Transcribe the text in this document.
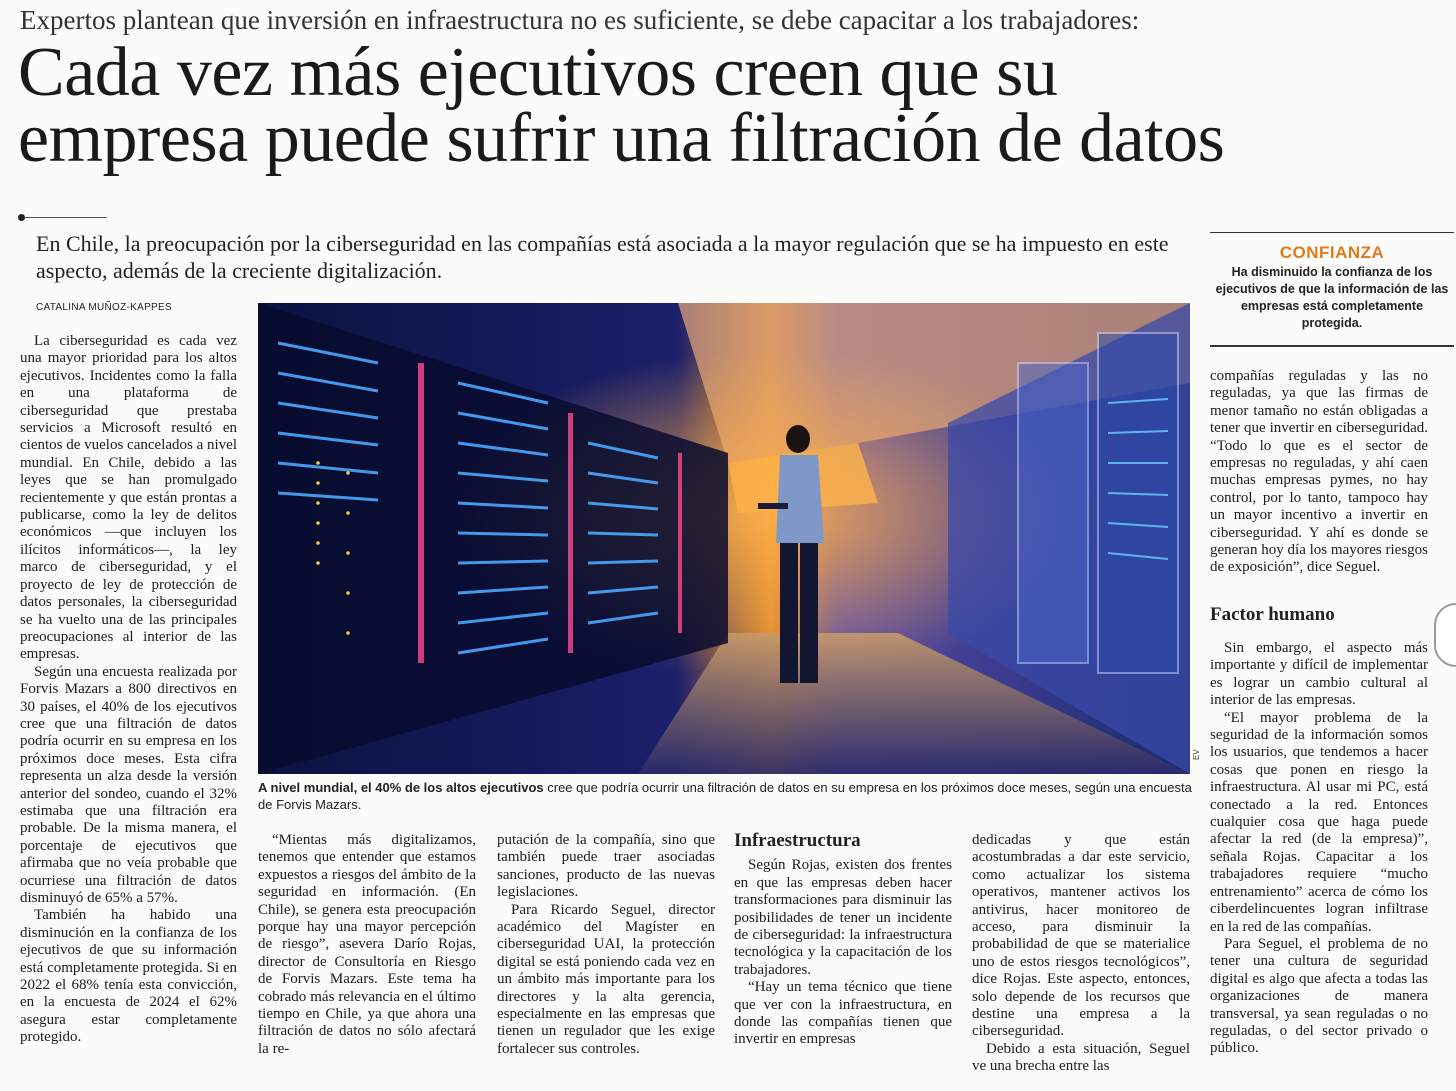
Expertos plantean que inversión en infraestructura no es suficiente, se debe capacitar a los trabajadores:
Cada vez más ejecutivos creen que su
empresa puede sufrir una filtración de datos
En Chile, la preocupación por la ciberseguridad en las compañías está asociada a la mayor regulación que se ha impuesto en este aspecto, además de la creciente digitalización.
CATALINA MUÑOZ-KAPPES

La ciberseguridad es cada vez una mayor prioridad para los altos ejecutivos. Incidentes como la falla en una plataforma de ciberseguridad que prestaba servicios a Microsoft resultó en cientos de vuelos cancelados a nivel mundial. En Chile, debido a las leyes que se han promulgado recientemente y que están prontas a publicarse, como la ley de delitos económicos —que incluyen los ilícitos informáticos—, la ley marco de ciberseguridad, y el proyecto de ley de protección de datos personales, la ciberseguridad se ha vuelto una de las principales preocupaciones al interior de las empresas.

Según una encuesta realizada por Forvis Mazars a 800 directivos en 30 países, el 40% de los ejecutivos cree que una filtración de datos podría ocurrir en su empresa en los próximos doce meses. Esta cifra representa un alza desde la versión anterior del sondeo, cuando el 32% estimaba que una filtración era probable. De la misma manera, el porcentaje de ejecutivos que afirmaba que no veía probable que ocurriese una filtración de datos disminuyó de 65% a 57%.

También ha habido una disminución en la confianza de los ejecutivos de que su información está completamente protegida. Si en 2022 el 68% tenía esta convicción, en la encuesta de 2024 el 62% asegura estar completamente protegido.

EV
A nivel mundial, el 40% de los altos ejecutivos cree que podría ocurrir una filtración de datos en su empresa en los próximos doce meses, según una encuesta de Forvis Mazars.

“Mientas más digitalizamos, tenemos que entender que estamos expuestos a riesgos del ámbito de la seguridad en información. (En Chile), se genera esta preocupación porque hay una mayor percepción de riesgo”, asevera Darío Rojas, director de Consultoría en Riesgo de Forvis Mazars. Este tema ha cobrado más relevancia en el último tiempo en Chile, ya que ahora una filtración de datos no sólo afectará la re-

putación de la compañía, sino que también puede traer asociadas sanciones, producto de las nuevas legislaciones.

Para Ricardo Seguel, director académico del Magíster en ciberseguridad UAI, la protección digital se está poniendo cada vez en un ámbito más importante para los directores y la alta gerencia, especialmente en las empresas que tienen un regulador que les exige fortalecer sus controles.

Infraestructura

Según Rojas, existen dos frentes en que las empresas deben hacer transformaciones para disminuir las posibilidades de tener un incidente de ciberseguridad: la infraestructura tecnológica y la capacitación de los trabajadores.

“Hay un tema técnico que tiene que ver con la infraestructura, en donde las compañías tienen que invertir en empresas

dedicadas y que están acostumbradas a dar este servicio, como actualizar los sistema operativos, mantener activos los antivirus, hacer monitoreo de acceso, para disminuir la probabilidad de que se materialice uno de estos riesgos tecnológicos”, dice Rojas. Este aspecto, entonces, solo depende de los recursos que destine una empresa a la ciberseguridad.

Debido a esta situación, Seguel ve una brecha entre las

CONFIANZA
Ha disminuido la confianza de los ejecutivos de que la información de las empresas está completamente protegida.

compañías reguladas y las no reguladas, ya que las firmas de menor tamaño no están obligadas a tener que invertir en ciberseguridad. “Todo lo que es el sector de empresas no reguladas, y ahí caen muchas empresas pymes, no hay control, por lo tanto, tampoco hay un mayor incentivo a invertir en ciberseguridad. Y ahí es donde se generan hoy día los mayores riesgos de exposición”, dice Seguel.

Factor humano

Sin embargo, el aspecto más importante y difícil de implementar es lograr un cambio cultural al interior de las empresas.

“El mayor problema de la seguridad de la información somos los usuarios, que tendemos a hacer cosas que ponen en riesgo la infraestructura. Al usar mi PC, está conectado a la red. Entonces cualquier cosa que haga puede afectar la red (de la empresa)”, señala Rojas. Capacitar a los trabajadores requiere “mucho entrenamiento” acerca de cómo los ciberdelincuentes logran infiltrase en la red de las compañías.

Para Seguel, el problema de no tener una cultura de seguridad digital es algo que afecta a todas las organizaciones de manera transversal, ya sean reguladas o no reguladas, o del sector privado o público.
